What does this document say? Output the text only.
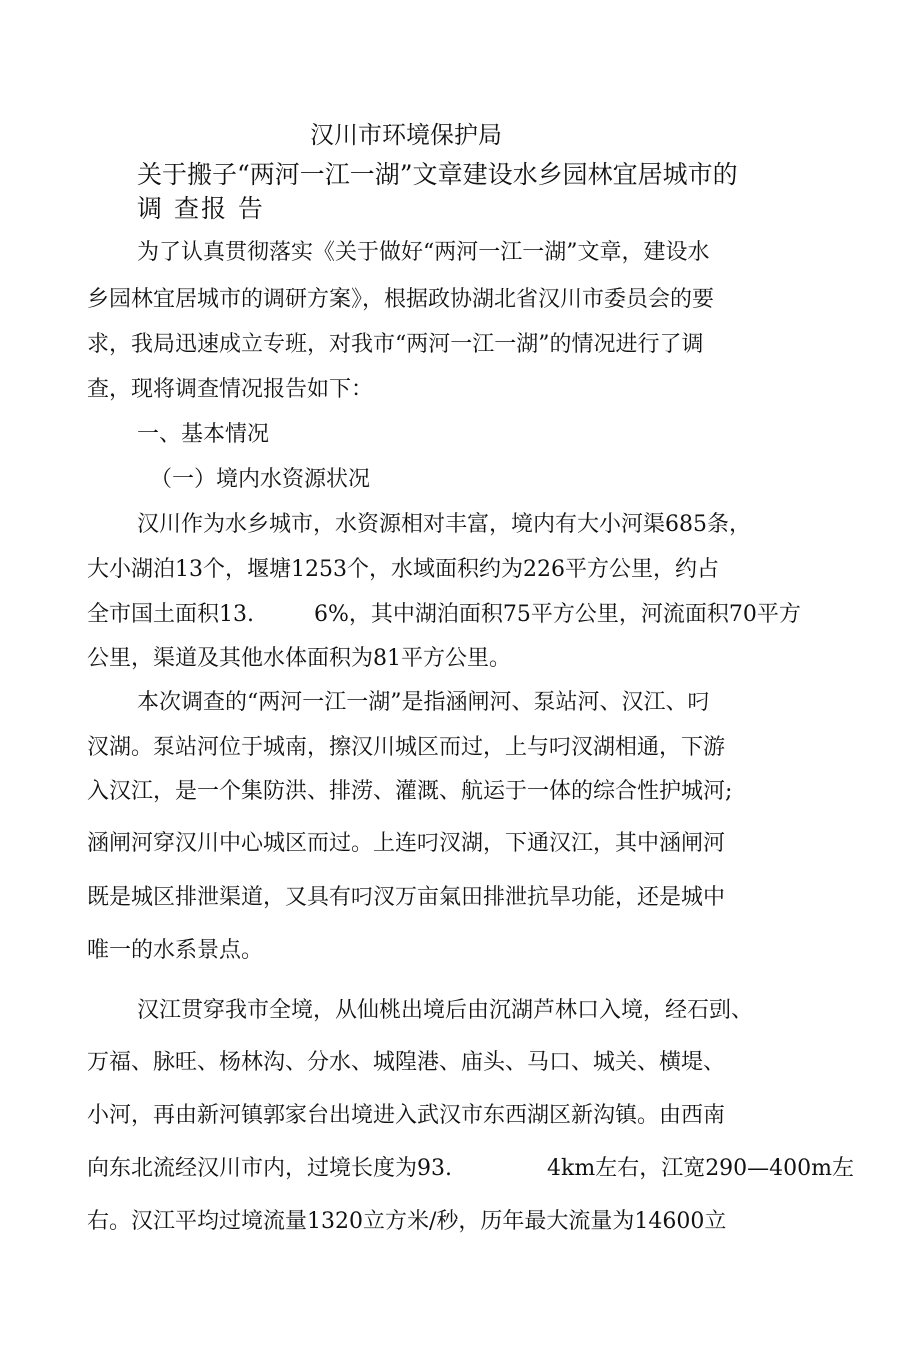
汉川市环境保护局
关于搬子“两河一江一湖”文章建设水乡园林宜居城市的
调 查报 告
为了认真贯彻落实《关于做好“两河一江一湖”文章，建设水
乡园林宜居城市的调研方案》，根据政协湖北省汉川市委员会的要
求，我局迅速成立专班，对我市“两河一江一湖”的情况进行了调
查，现将调查情况报告如下：
一、基本情况
（一）境内水资源状况
汉川作为水乡城市，水资源相对丰富，境内有大小河渠685条，
大小湖泊13个，堰塘1253个，水域面积约为226平方公里，约占
全市国土面积13.	6%，其中湖泊面积75平方公里，河流面积70平方
公里，渠道及其他水体面积为81平方公里。
本次调查的“两河一江一湖”是指涵闸河、泵站河、汉江、叼
汊湖。泵站河位于城南，擦汉川城区而过，上与叼汊湖相通，下游
入汉江，是一个集防洪、排涝、灌溉、航运于一体的综合性护城河;
涵闸河穿汉川中心城区而过。上连叼汊湖，下通汉江，其中涵闸河
既是城区排泄渠道，又具有叼汊万亩氣田排泄抗旱功能，还是城中
唯一的水系景点。
汉江贯穿我市全境，从仙桃出境后由沉湖芦林口入境，经石剅、
万福、脉旺、杨林沟、分水、城隍港、庙头、马口、城关、横堤、
小河，再由新河镇郭家台出境进入武汉市东西湖区新沟镇。由西南
向东北流经汉川市内，过境长度为93.	4km左右，江宽290—400m左
右。汉江平均过境流量1320立方米/秒，历年最大流量为14600立
